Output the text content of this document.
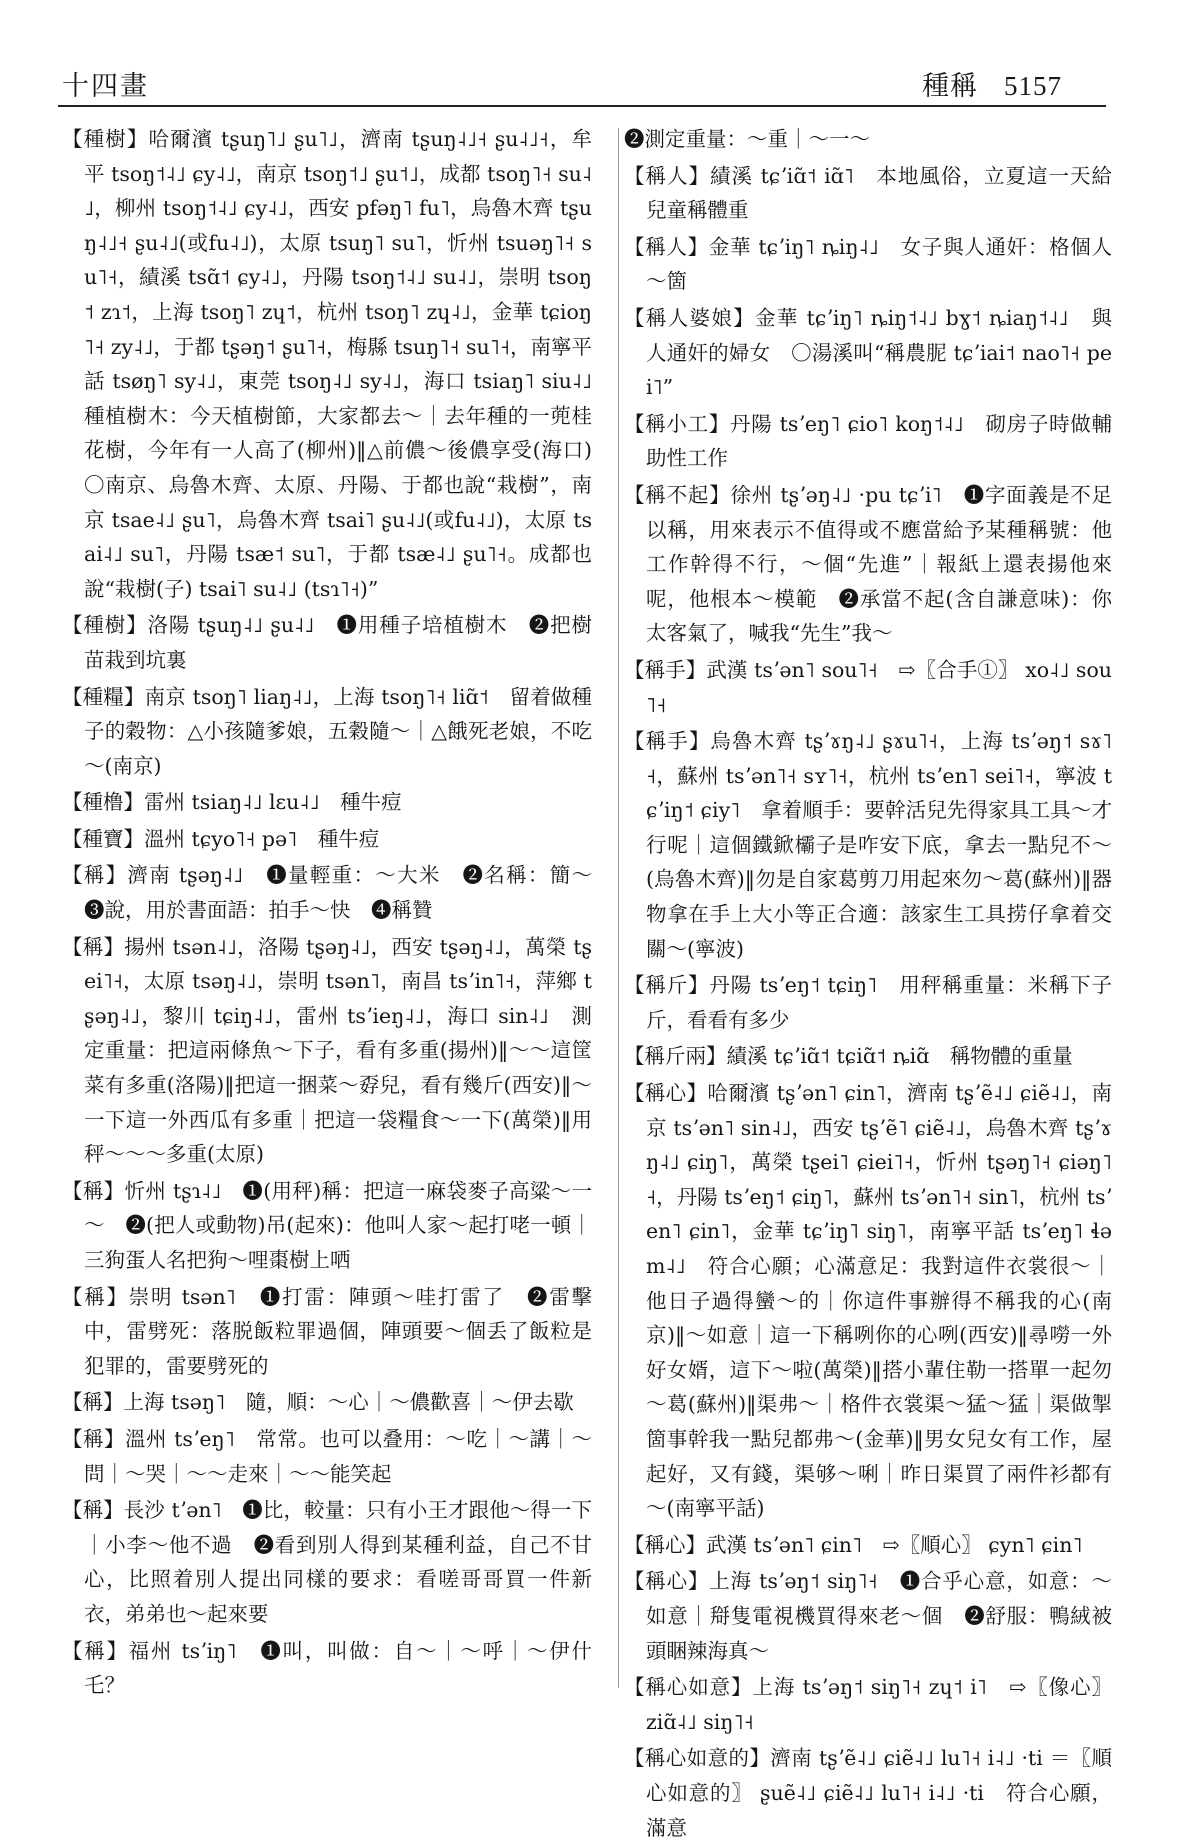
十四畫	種稱 5157

【種樹】哈爾濱 tʂuŋ˥˩ ʂu˥˩，濟南 tʂuŋ˨˩˧ ʂu˨˩˧，牟平 tsoŋ˦˨˩ ɕy˨˩，南京 tsoŋ˦˩ ʂu˦˩，成都 tsoŋ˥˧ su˨˩，柳州 tsoŋ˦˨˩ ɕy˨˩，西安 pfəŋ˥ fu˥，烏魯木齊 tʂuŋ˨˩˧ ʂu˨˩(或fu˨˩)，太原 tsuŋ˥ su˥，忻州 tsuəŋ˥˧ su˥˧，績溪 tsɑ̃˦ ɕy˨˩，丹陽 tsoŋ˦˨˩ su˨˩，崇明 tsoŋ˦ zɿ˦，上海 tsoŋ˥ zɥ˦，杭州 tsoŋ˥ zɥ˨˩，金華 tɕioŋ˥˧ zy˨˩，于都 tʂəŋ˦ ʂu˥˧，梅縣 tsuŋ˥˧ su˥˧，南寧平話 tsøŋ˥ sy˨˩，東莞 tsoŋ˨˩ sy˨˩，海口 tsiaŋ˥ siu˨˩　種植樹木：今天植樹節，大家都去～｜去年種的一蔸桂花樹，今年有一人高了(柳州)‖△前儂～後儂享受(海口)〇南京、烏魯木齊、太原、丹陽、于都也說“栽樹”，南京 tsae˨˩ ʂu˥，烏魯木齊 tsai˥ ʂu˨˩(或fu˨˩)，太原 tsai˨˩ su˥，丹陽 tsæ˦ su˥，于都 tsæ˨˩ ʂu˥˧。成都也說“栽樹(子) tsai˥ su˨˩ (tsɿ˥˧)”

【種樹】洛陽 tʂuŋ˨˩ ʂu˨˩　❶用種子培植樹木　❷把樹苗栽到坑裏

【種糧】南京 tsoŋ˥ liaŋ˨˩，上海 tsoŋ˥˧ liɑ̃˦　留着做種子的穀物：△小孩隨爹娘，五穀隨～｜△餓死老娘，不吃～(南京)

【種橹】雷州 tsiaŋ˨˩ lɛu˨˩　種牛痘

【種寶】溫州 tɕyo˥˧ pə˥　種牛痘

【稱】濟南 tʂəŋ˨˩　❶量輕重：～大米　❷名稱：簡～　❸說，用於書面語：拍手～快　❹稱贊

【稱】揚州 tsən˨˩，洛陽 tʂəŋ˨˩，西安 tʂəŋ˨˩，萬榮 tʂei˥˧，太原 tsəŋ˨˩，崇明 tsən˥，南昌 tsʼin˥˧，萍鄉 tʂəŋ˨˩，黎川 tɕiŋ˨˩，雷州 tsʼieŋ˨˩，海口 sin˨˩　測定重量：把這兩條魚～下子，看有多重(揚州)‖～～這筐菜有多重(洛陽)‖把這一捆菜～孬兒，看有幾斤(西安)‖～一下這一外西瓜有多重｜把這一袋糧食～一下(萬榮)‖用秤～～～多重(太原)

【稱】忻州 tʂɿ˨˩　❶(用秤)稱：把這一麻袋麥子高粱～一～　❷(把人或動物)吊(起來)：他叫人家～起打咾一頓｜三狗蛋人名把狗～哩棗樹上哂

【稱】崇明 tsən˥　❶打雷：陣頭～哇打雷了　❷雷擊中，雷劈死：落脱飯粒罪過個，陣頭要～個丢了飯粒是犯罪的，雷要劈死的

【稱】上海 tsəŋ˥　隨，順：～心｜～儂歡喜｜～伊去歇

【稱】溫州 tsʼeŋ˥　常常。也可以叠用：～吃｜～講｜～問｜～哭｜～～走來｜～～能笑起

【稱】長沙 tʼən˥　❶比，較量：只有小王才跟他～得一下｜小李～他不過　❷看到別人得到某種利益，自己不甘心，比照着別人提出同樣的要求：看嗟哥哥買一件新衣，弟弟也～起來要

【稱】福州 tsʼiŋ˥　❶叫，叫做：自～｜～呼｜～伊什乇？

❷測定重量：～重｜～一～

【稱人】績溪 tɕʼiɑ̃˦ iɑ̃˥　本地風俗，立夏這一天給兒童稱體重

【稱人】金華 tɕʼiŋ˥ ȵiŋ˨˩　女子與人通奸：格個人～箇

【稱人婆娘】金華 tɕʼiŋ˥ ȵiŋ˦˨˩ bɣ˦ ȵiaŋ˦˨˩　與人通奸的婦女　〇湯溪叫“稱農胒 tɕʼiai˦ nao˥˧ pei˥”

【稱小工】丹陽 tsʼeŋ˥ ɕio˥ koŋ˦˨˩　砌房子時做輔助性工作

【稱不起】徐州 tʂʼəŋ˨˩ ·pu tɕʼi˥　❶字面義是不足以稱，用來表示不值得或不應當給予某種稱號：他工作幹得不行，～個“先進”｜報紙上還表揚他來呢，他根本～模範　❷承當不起(含自謙意味)：你太客氣了，喊我“先生”我～

【稱手】武漢 tsʼən˥ sou˥˧　⇨〖合手①〗 xo˨˩ sou˥˧

【稱手】烏魯木齊 tʂʼɤŋ˨˩ ʂɤu˥˧，上海 tsʼəŋ˦ sɤ˥˧，蘇州 tsʼən˥˧ sʏ˥˧，杭州 tsʼen˥ sei˥˧，寧波 tɕʼiŋ˦ ɕiy˥　拿着順手：要幹活兒先得家具工具～才行呢｜這個鐵鍁欛子是咋安下底，拿去一點兒不～(烏魯木齊)‖勿是自家葛剪刀用起來勿～葛(蘇州)‖器物拿在手上大小等正合適：該家生工具捞仔拿着交關～(寧波)

【稱斤】丹陽 tsʼeŋ˦ tɕiŋ˥　用秤稱重量：米稱下子斤，看看有多少

【稱斤兩】績溪 tɕʼiɑ̃˦ tɕiɑ̃˦ ȵiɑ̃　稱物體的重量

【稱心】哈爾濱 tʂʼən˥ ɕin˥，濟南 tʂʼẽ˨˩ ɕiẽ˨˩，南京 tsʼən˥ sin˨˩，西安 tʂʼẽ˥ ɕiẽ˨˩，烏魯木齊 tʂʼɤŋ˨˩ ɕiŋ˥，萬榮 tʂei˥ ɕiei˥˧，忻州 tʂəŋ˥˧ ɕiəŋ˥˧，丹陽 tsʼeŋ˦ ɕiŋ˥，蘇州 tsʼən˥˧ sin˥，杭州 tsʼen˥ ɕin˥，金華 tɕʼiŋ˥ siŋ˥，南寧平話 tsʼeŋ˥ ɬəm˨˩　符合心願；心滿意足：我對這件衣裳很～｜他日子過得蠻～的｜你這件事辦得不稱我的心(南京)‖～如意｜這一下稱咧你的心咧(西安)‖尋嘮一外好女婿，這下～啦(萬榮)‖搭小輩住勒一搭單一起勿～葛(蘇州)‖渠弗～｜格件衣裳渠～猛～猛｜渠做掣箇事幹我一點兒都弗～(金華)‖男女兒女有工作，屋起好，又有錢，渠够～唎｜昨日渠買了兩件衫都有～(南寧平話)

【稱心】武漢 tsʼən˥ ɕin˥　⇨〖順心〗 ɕyn˥ ɕin˥

【稱心】上海 tsʼəŋ˦ siŋ˥˧　❶合乎心意，如意：～如意｜搿隻電視機買得來老～個　❷舒服：鴨絨被頭睏辣海真～

【稱心如意】上海 tsʼəŋ˦ siŋ˥˧ zɥ˦ i˥　⇨〖像心〗 ziɑ̃˨˩ siŋ˥˧

【稱心如意的】濟南 tʂʼẽ˨˩ ɕiẽ˨˩ lu˥˧ i˨˩ ·ti ＝〖順心如意的〗 ʂuẽ˨˩ ɕiẽ˨˩ lu˥˧ i˨˩ ·ti　符合心願，滿意
